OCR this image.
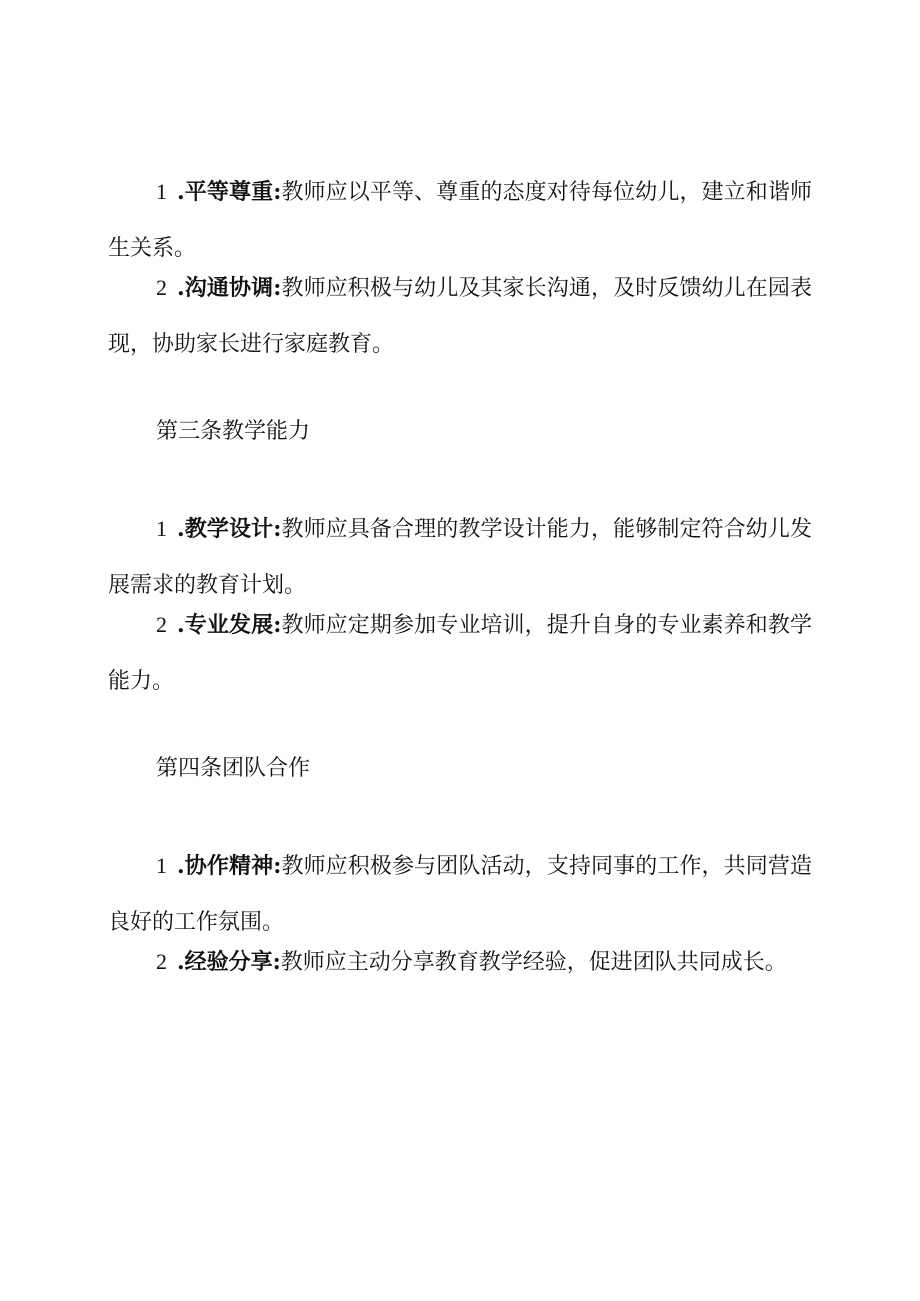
1 .平等尊重:教师应以平等、尊重的态度对待每位幼儿，建立和谐师生关系。

2 .沟通协调:教师应积极与幼儿及其家长沟通，及时反馈幼儿在园表现，协助家长进行家庭教育。

第三条教学能力

1 .教学设计:教师应具备合理的教学设计能力，能够制定符合幼儿发展需求的教育计划。

2 .专业发展:教师应定期参加专业培训，提升自身的专业素养和教学能力。

第四条团队合作

1 .协作精神:教师应积极参与团队活动，支持同事的工作，共同营造良好的工作氛围。

2 .经验分享:教师应主动分享教育教学经验，促进团队共同成长。
